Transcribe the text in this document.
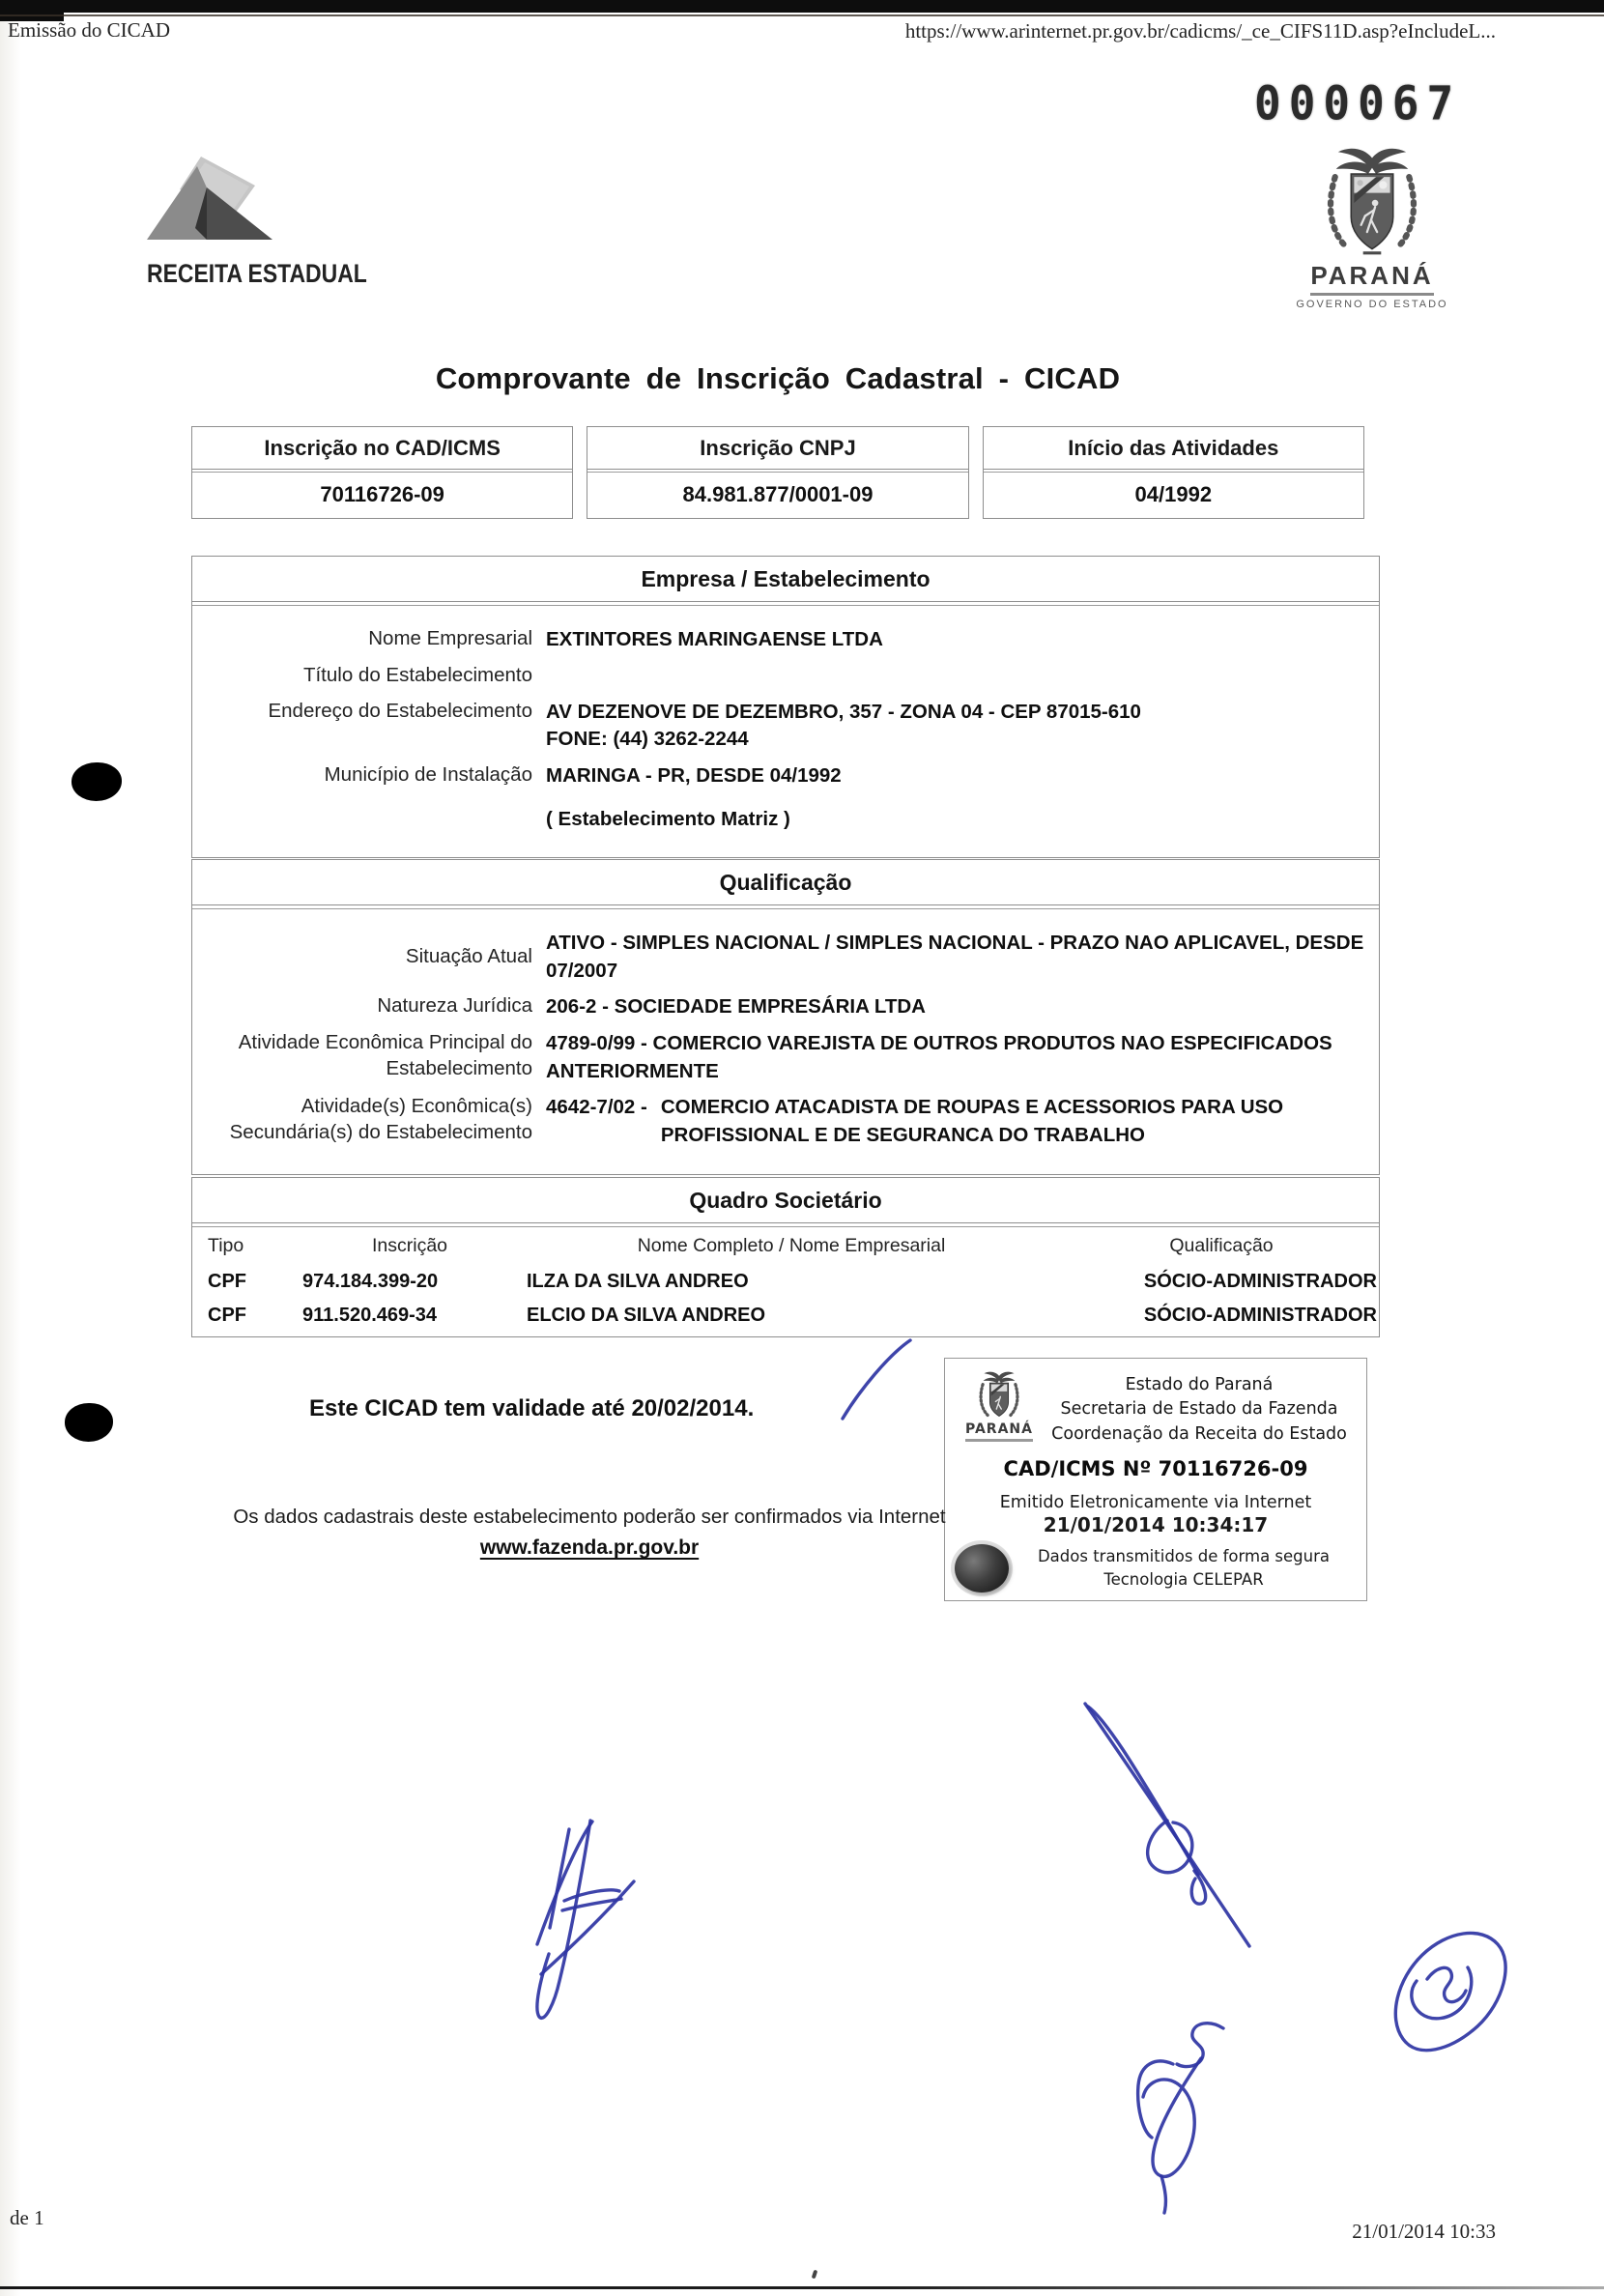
Emissão do CICAD	https://www.arinternet.pr.gov.br/cadicms/_ce_CIFS11D.asp?eIncludeL...
000067
RECEITA ESTADUAL	PARANÁ
GOVERNO DO ESTADO
Comprovante de Inscrição Cadastral - CICAD
Inscrição no CAD/ICMS
70116726-09
Inscrição CNPJ
84.981.877/0001-09
Início das Atividades
04/1992
Empresa / Estabelecimento
Nome Empresarial EXTINTORES MARINGAENSE LTDA
Título do Estabelecimento
Endereço do Estabelecimento AV DEZENOVE DE DEZEMBRO, 357 - ZONA 04 - CEP 87015-610
FONE: (44) 3262-2244
Município de Instalação MARINGA - PR, DESDE 04/1992
( Estabelecimento Matriz )
Qualificação
Situação Atual
ATIVO - SIMPLES NACIONAL / SIMPLES NACIONAL - PRAZO NAO APLICAVEL, DESDE 07/2007
Natureza Jurídica 206-2 - SOCIEDADE EMPRESÁRIA LTDA
Atividade Econômica Principal do Estabelecimento
4789-0/99 - COMERCIO VAREJISTA DE OUTROS PRODUTOS NAO ESPECIFICADOS ANTERIORMENTE
Atividade(s) Econômica(s) Secundária(s) do Estabelecimento
4642-7/02 - COMERCIO ATACADISTA DE ROUPAS E ACESSORIOS PARA USO PROFISSIONAL E DE SEGURANCA DO TRABALHO
Quadro Societário
Tipo	Inscrição	Nome Completo / Nome Empresarial	Qualificação
CPF	974.184.399-20	ILZA DA SILVA ANDREO	SÓCIO-ADMINISTRADOR
CPF	911.520.469-34	ELCIO DA SILVA ANDREO	SÓCIO-ADMINISTRADOR
Este CICAD tem validade até 20/02/2014.
PARANÁ
Estado do Paraná
Secretaria de Estado da Fazenda
Coordenação da Receita do Estado
CAD/ICMS Nº 70116726-09
Emitido Eletronicamente via Internet
21/01/2014 10:34:17
Dados transmitidos de forma segura
Tecnologia CELEPAR
Os dados cadastrais deste estabelecimento poderão ser confirmados via Internet
www.fazenda.pr.gov.br
de 1
21/01/2014 10:33
